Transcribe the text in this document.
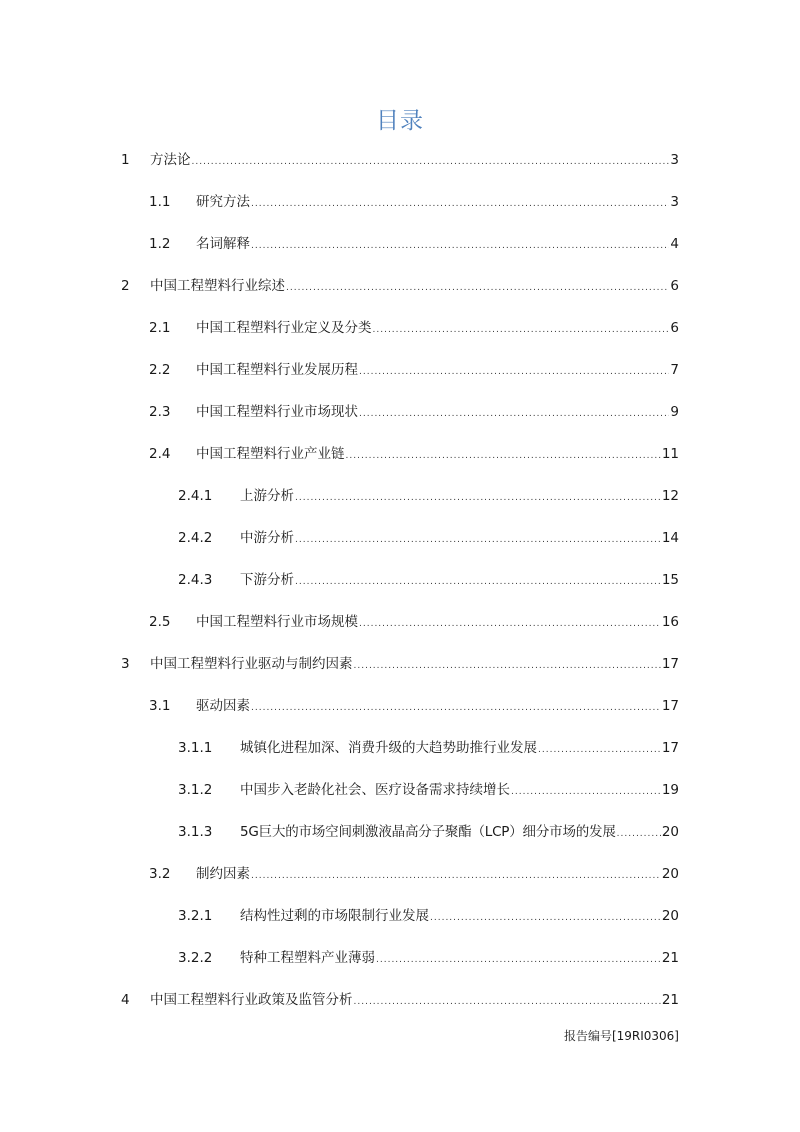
目录
1	方法论 .....	3
1.1	研究方法 .....	3
1.2	名词解释 .....	4
2	中国工程塑料行业综述 .....	6
2.1	中国工程塑料行业定义及分类 .....	6
2.2	中国工程塑料行业发展历程 .....	7
2.3	中国工程塑料行业市场现状 .....	9
2.4	中国工程塑料行业产业链 .....	11
2.4.1	上游分析 .....	12
2.4.2	中游分析 .....	14
2.4.3	下游分析 .....	15
2.5	中国工程塑料行业市场规模 .....	16
3	中国工程塑料行业驱动与制约因素 .....	17
3.1	驱动因素 .....	17
3.1.1	城镇化进程加深、消费升级的大趋势助推行业发展 .....	17
3.1.2	中国步入老龄化社会、医疗设备需求持续增长 .....	19
3.1.3	5G巨大的市场空间刺激液晶高分子聚酯（LCP）细分市场的发展 .....	20
3.2	制约因素 .....	20
3.2.1	结构性过剩的市场限制行业发展 .....	20
3.2.2	特种工程塑料产业薄弱 .....	21
4	中国工程塑料行业政策及监管分析 .....	21
报告编号[19RI0306]
